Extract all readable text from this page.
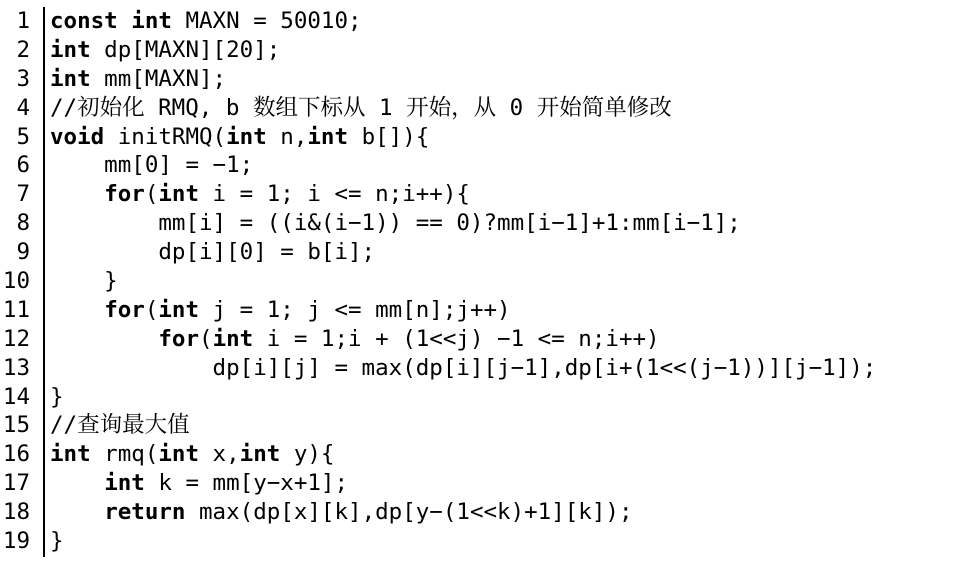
1 const int MAXN = 50010;
2 int dp[MAXN][20];
3 int mm[MAXN];
4 //初始化 RMQ, b 数组下标从 1 开始，从 0 开始简单修改
5 void initRMQ(int n,int b[]){
6 mm[0] = −1;
7	for(int i = 1; i <= n;i++){
8 mm[i] = ((i&(i−1)) == 0)?mm[i−1]+1:mm[i−1];
9 dp[i][0] = b[i];
10 }
11	for(int j = 1; j <= mm[n];j++)
12	for(int i = 1;i + (1<<j) −1 <= n;i++)
13 dp[i][j] = max(dp[i][j−1],dp[i+(1<<(j−1))][j−1]);
14 }
15 //查询最大值
16 int rmq(int x,int y){
17	int k = mm[y−x+1];
18	return max(dp[x][k],dp[y−(1<<k)+1][k]);
19 }
